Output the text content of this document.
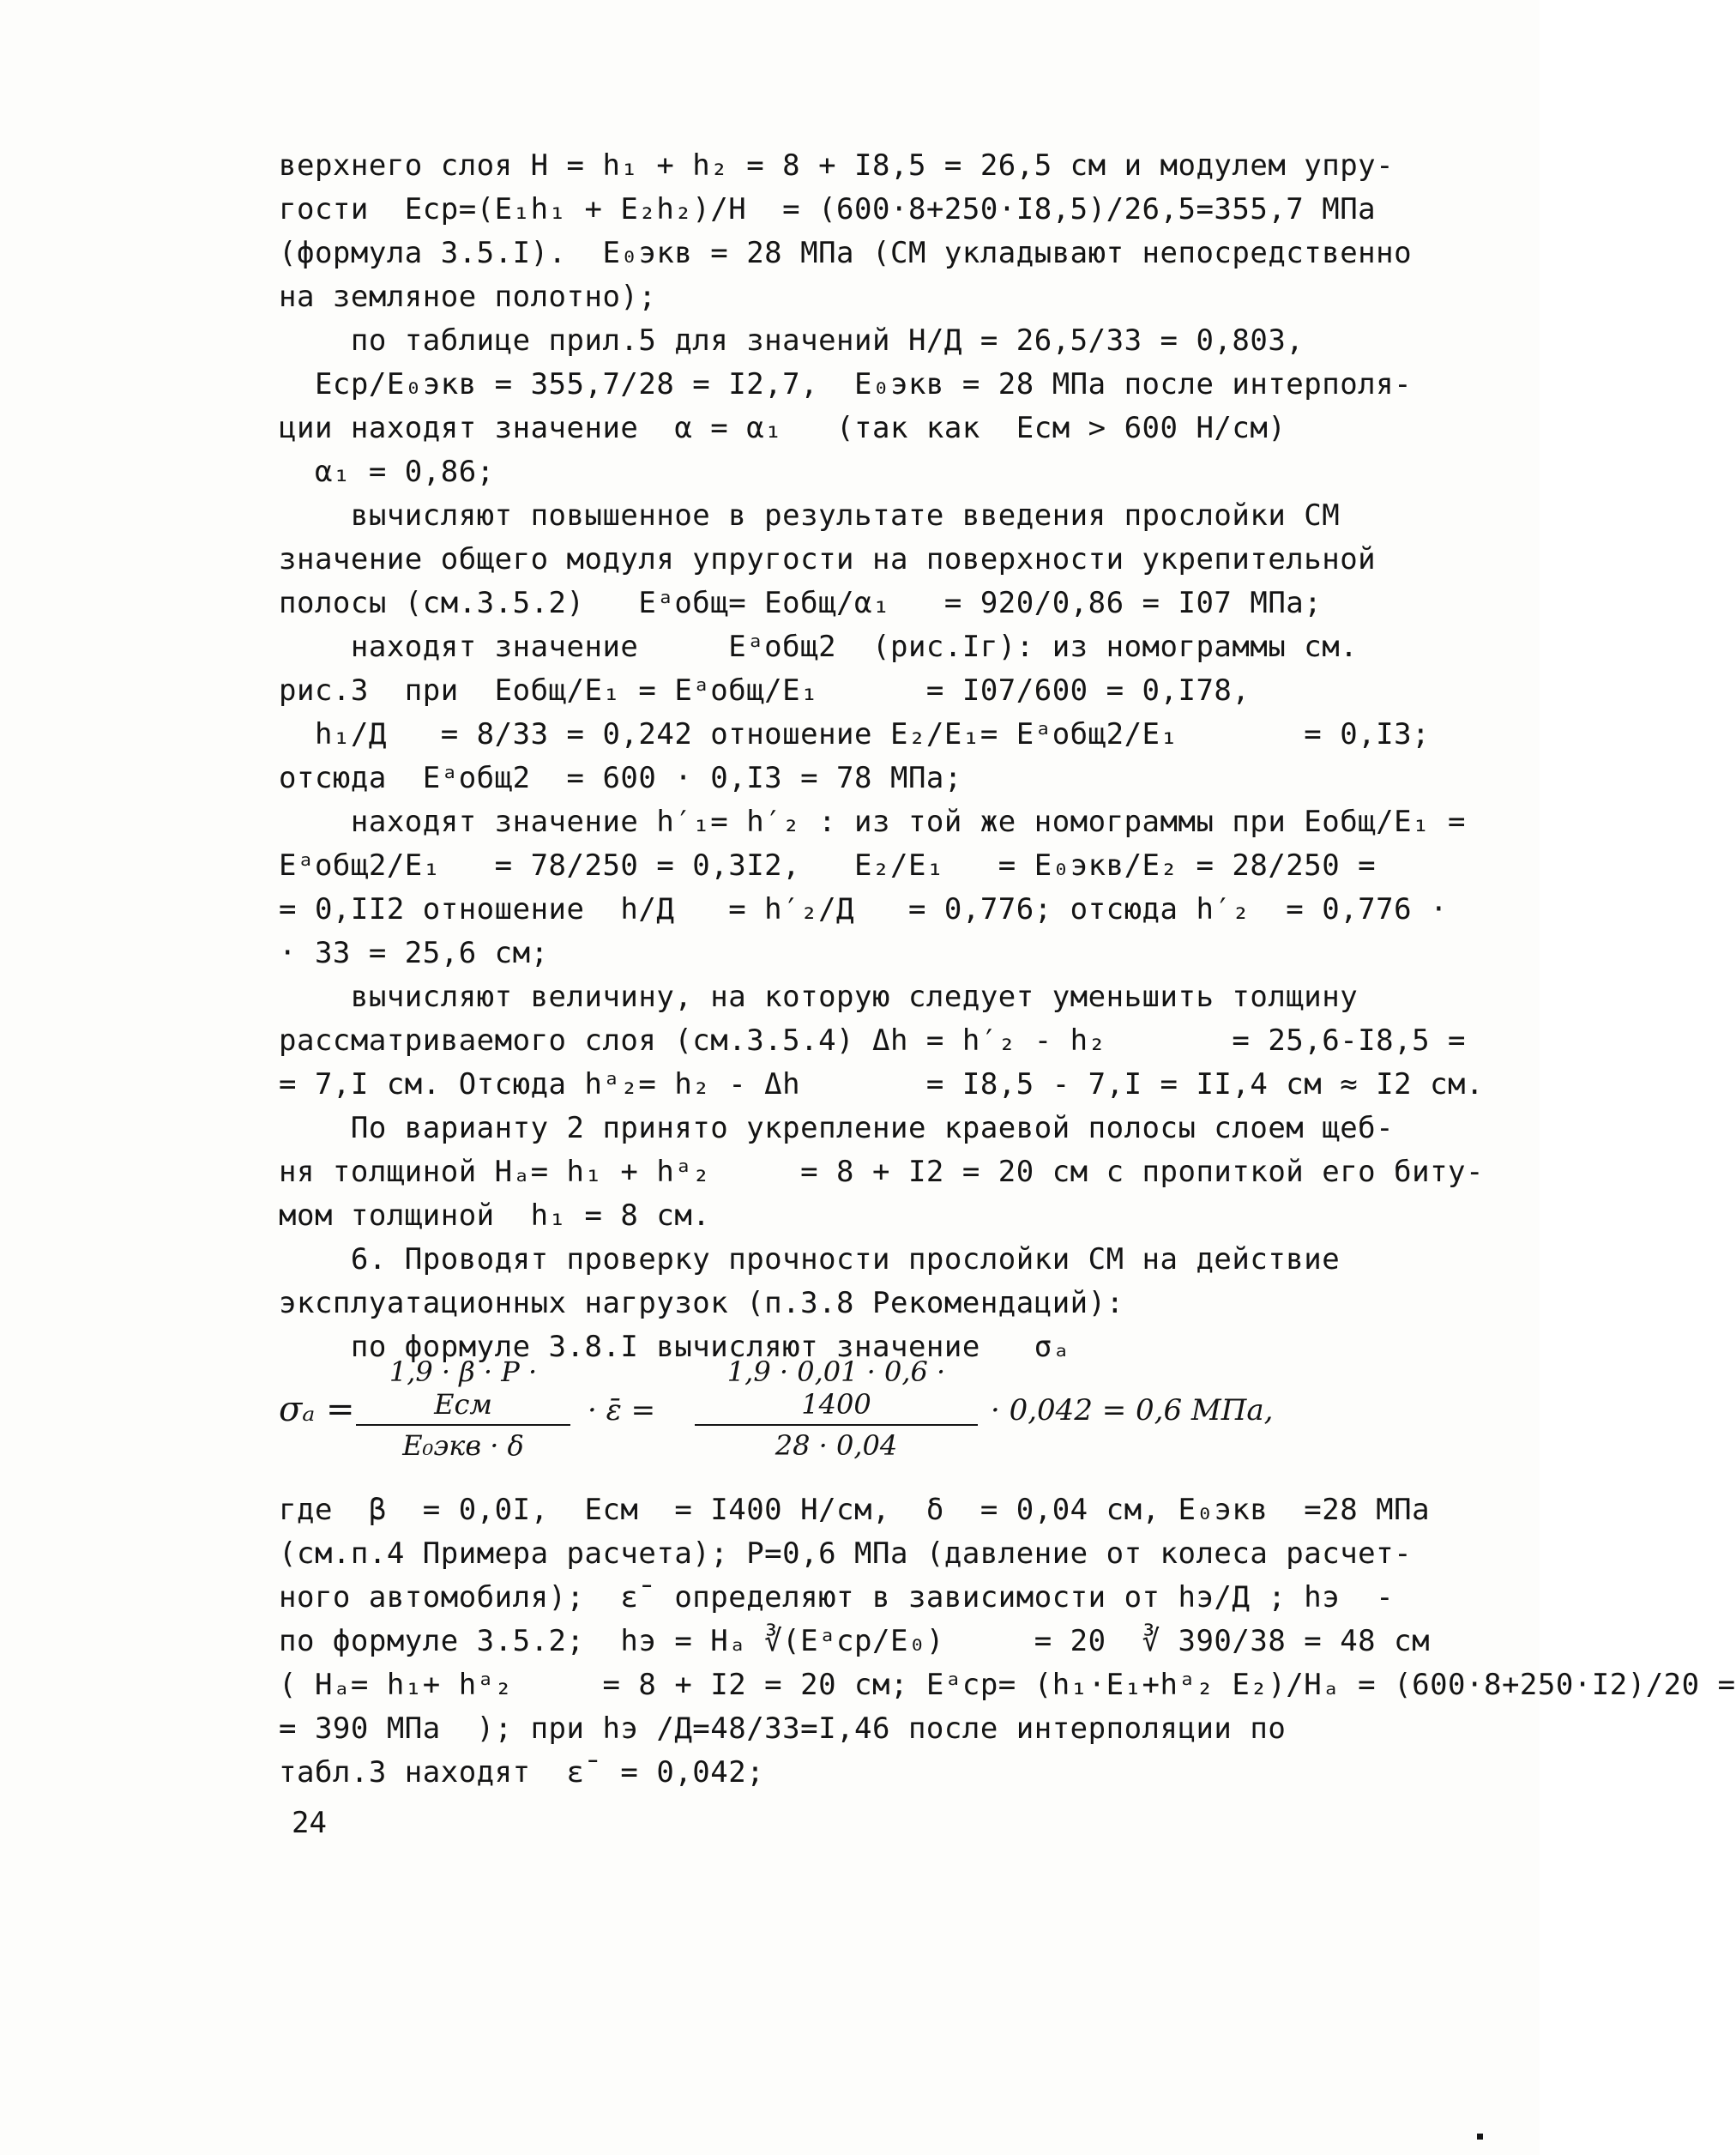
верхнего слоя Н = h₁ + h₂ = 8 + I8,5 = 26,5 см и модулем упру-
гости  Eср=(E₁h₁ + E₂h₂)/H  = (600·8+250·I8,5)/26,5=355,7 МПа
(формула 3.5.I).  E₀экв = 28 МПа (СМ укладывают непосредственно
на земляное полотно);
по таблице прил.5 для значений Н/Д = 26,5/33 = 0,803,
Eср/E₀экв = 355,7/28 = I2,7,  E₀экв = 28 МПа после интерполя-
ции находят значение  α = α₁   (так как  Eсм > 600 Н/см)
α₁ = 0,86;
вычисляют повышенное в результате введения прослойки СМ
значение общего модуля упругости на поверхности укрепительной
полосы (см.3.5.2)   Eᵃобщ= Eобщ/α₁   = 920/0,86 = I07 МПа;
находят значение     Eᵃобщ2  (рис.Iг): из номограммы см.
рис.3  при  Eобщ/E₁ = Eᵃобщ/E₁      = I07/600 = 0,I78,
h₁/Д   = 8/33 = 0,242 отношение E₂/E₁= Eᵃобщ2/E₁       = 0,I3;
отсюда  Eᵃобщ2  = 600 · 0,I3 = 78 МПа;
находят значение h′₁= h′₂ : из той же номограммы при Eобщ/E₁ =
Eᵃобщ2/E₁   = 78/250 = 0,3I2,   E₂/E₁   = E₀экв/E₂ = 28/250 =
= 0,II2 отношение  h/Д   = h′₂/Д   = 0,776; отсюда h′₂  = 0,776 ·
· 33 = 25,6 см;
вычисляют величину, на которую следует уменьшить толщину
рассматриваемого слоя (см.3.5.4) Δh = h′₂ - h₂       = 25,6-I8,5 =
= 7,I см. Отсюда hᵃ₂= h₂ - Δh       = I8,5 - 7,I = II,4 см ≈ I2 см.
По варианту 2 принято укрепление краевой полосы слоем щеб-
ня толщиной Hₐ= h₁ + hᵃ₂     = 8 + I2 = 20 см с пропиткой его биту-
мом толщиной  h₁ = 8 см.
6. Проводят проверку прочности прослойки СМ на действие
эксплуатационных нагрузок (п.3.8 Рекомендаций):
по формуле 3.8.I вычисляют значение   σₐ
σₐ =
1,9 · β · P · Eсм
E₀экв · δ
· ε̄ = $\frac{1,9 \cdot 0,01 \cdot 0,6 \cdot 1400}{28 \cdot 0,04} \cdot 0,042 = 0,6$ МПа,
где  β  = 0,0I,  Eсм  = I400 Н/см,  δ  = 0,04 см, E₀экв  =28 МПа
(см.п.4 Примера расчета); Р=0,6 МПа (давление от колеса расчет-
ного автомобиля);  ε̄  определяют в зависимости от hэ/Д ; hэ  -
по формуле 3.5.2;  hэ = Hₐ ∛(Eᵃср/E₀)     = 20  ∛ 390/38 = 48 см
( Hₐ= h₁+ hᵃ₂     = 8 + I2 = 20 см; Eᵃср= (h₁·E₁+hᵃ₂ E₂)/Hₐ = (600·8+250·I2)/20 =
= 390 МПа  ); при hэ /Д=48/33=I,46 после интерполяции по
табл.3 находят  ε̄  = 0,042;
24
